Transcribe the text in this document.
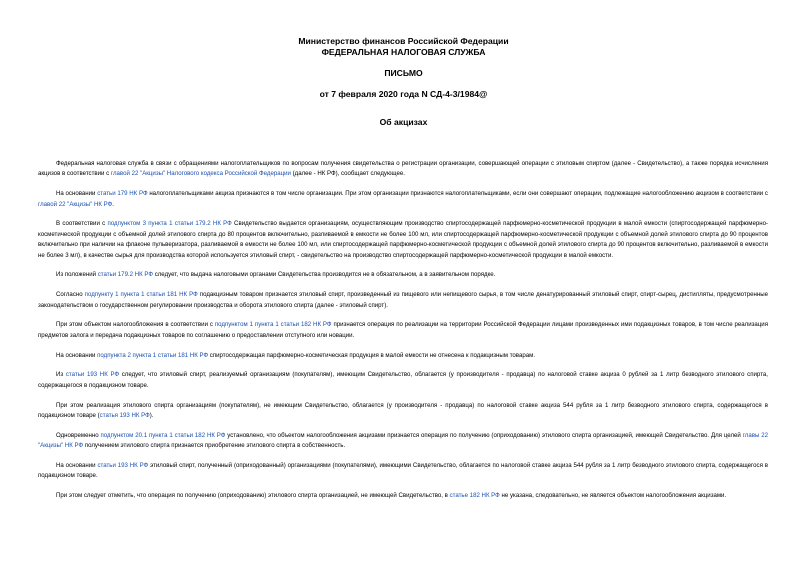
Министерство финансов Российской Федерации
ФЕДЕРАЛЬНАЯ НАЛОГОВАЯ СЛУЖБА
ПИСЬМО
от 7 февраля 2020 года N СД-4-3/1984@
Об акцизах

Федеральная налоговая служба в связи с обращениями налогоплательщиков по вопросам получения свидетельства о регистрации организации, совершающей операции с этиловым спиртом (далее - Свидетельство), а также порядка исчисления акцизов в соответствии с главой 22 "Акцизы" Налогового кодекса Российской Федерации (далее - НК РФ), сообщает следующее.

На основании статьи 179 НК РФ налогоплательщиками акциза признаются в том числе организации. При этом организации признаются налогоплательщиками, если они совершают операции, подлежащие налогообложению акцизом в соответствии с главой 22 "Акцизы" НК РФ.

В соответствии с подпунктом 3 пункта 1 статьи 179.2 НК РФ Свидетельство выдается организациям, осуществляющим производство спиртосодержащей парфюмерно-косметической продукции в малой емкости (спиртосодержащей парфюмерно-косметической продукции с объемной долей этилового спирта до 80 процентов включительно, разливаемой в емкости не более 100 мл, или спиртосодержащей парфюмерно-косметической продукции с объемной долей этилового спирта до 90 процентов включительно при наличии на флаконе пульверизатора, разливаемой в емкости не более 100 мл, или спиртосодержащей парфюмерно-косметической продукции с объемной долей этилового спирта до 90 процентов включительно, разливаемой в емкости не более 3 мл), в качестве сырья для производства которой используется этиловый спирт, - свидетельство на производство спиртосодержащей парфюмерно-косметической продукции в малой емкости.

Из положений статьи 179.2 НК РФ следует, что выдача налоговыми органами Свидетельства производится не в обязательном, а в заявительном порядке.

Согласно подпункту 1 пункта 1 статьи 181 НК РФ подакцизным товаром признается этиловый спирт, произведенный из пищевого или непищевого сырья, в том числе денатурированный этиловый спирт, спирт-сырец, дистилляты, предусмотренные законодательством о государственном регулировании производства и оборота этилового спирта (далее - этиловый спирт).

При этом объектом налогообложения в соответствии с подпунктом 1 пункта 1 статьи 182 НК РФ признается операция по реализации на территории Российской Федерации лицами произведенных ими подакцизных товаров, в том числе реализация предметов залога и передача подакцизных товаров по соглашению о предоставлении отступного или новации.

На основании подпункта 2 пункта 1 статьи 181 НК РФ спиртосодержащая парфюмерно-косметическая продукция в малой емкости не отнесена к подакцизным товарам.

Из статьи 193 НК РФ следует, что этиловый спирт, реализуемый организациям (покупателям), имеющим Свидетельство, облагается (у производителя - продавца) по налоговой ставке акциза 0 рублей за 1 литр безводного этилового спирта, содержащегося в подакцизном товаре.

При этом реализация этилового спирта организациям (покупателям), не имеющим Свидетельство, облагается (у производителя - продавца) по налоговой ставке акциза 544 рубля за 1 литр безводного этилового спирта, содержащегося в подакцизном товаре (статья 193 НК РФ).

Одновременно подпунктом 20.1 пункта 1 статьи 182 НК РФ установлено, что объектом налогообложения акцизами признается операция по получению (оприходованию) этилового спирта организацией, имеющей Свидетельство. Для целей главы 22 "Акцизы" НК РФ получением этилового спирта признается приобретение этилового спирта в собственность.

На основании статьи 193 НК РФ этиловый спирт, полученный (оприходованный) организациями (покупателями), имеющими Свидетельство, облагается по налоговой ставке акциза 544 рубля за 1 литр безводного этилового спирта, содержащегося в подакцизном товаре.

При этом следует отметить, что операция по получению (оприходованию) этилового спирта организацией, не имеющей Свидетельство, в статье 182 НК РФ не указана, следовательно, не является объектом налогообложения акцизами.
